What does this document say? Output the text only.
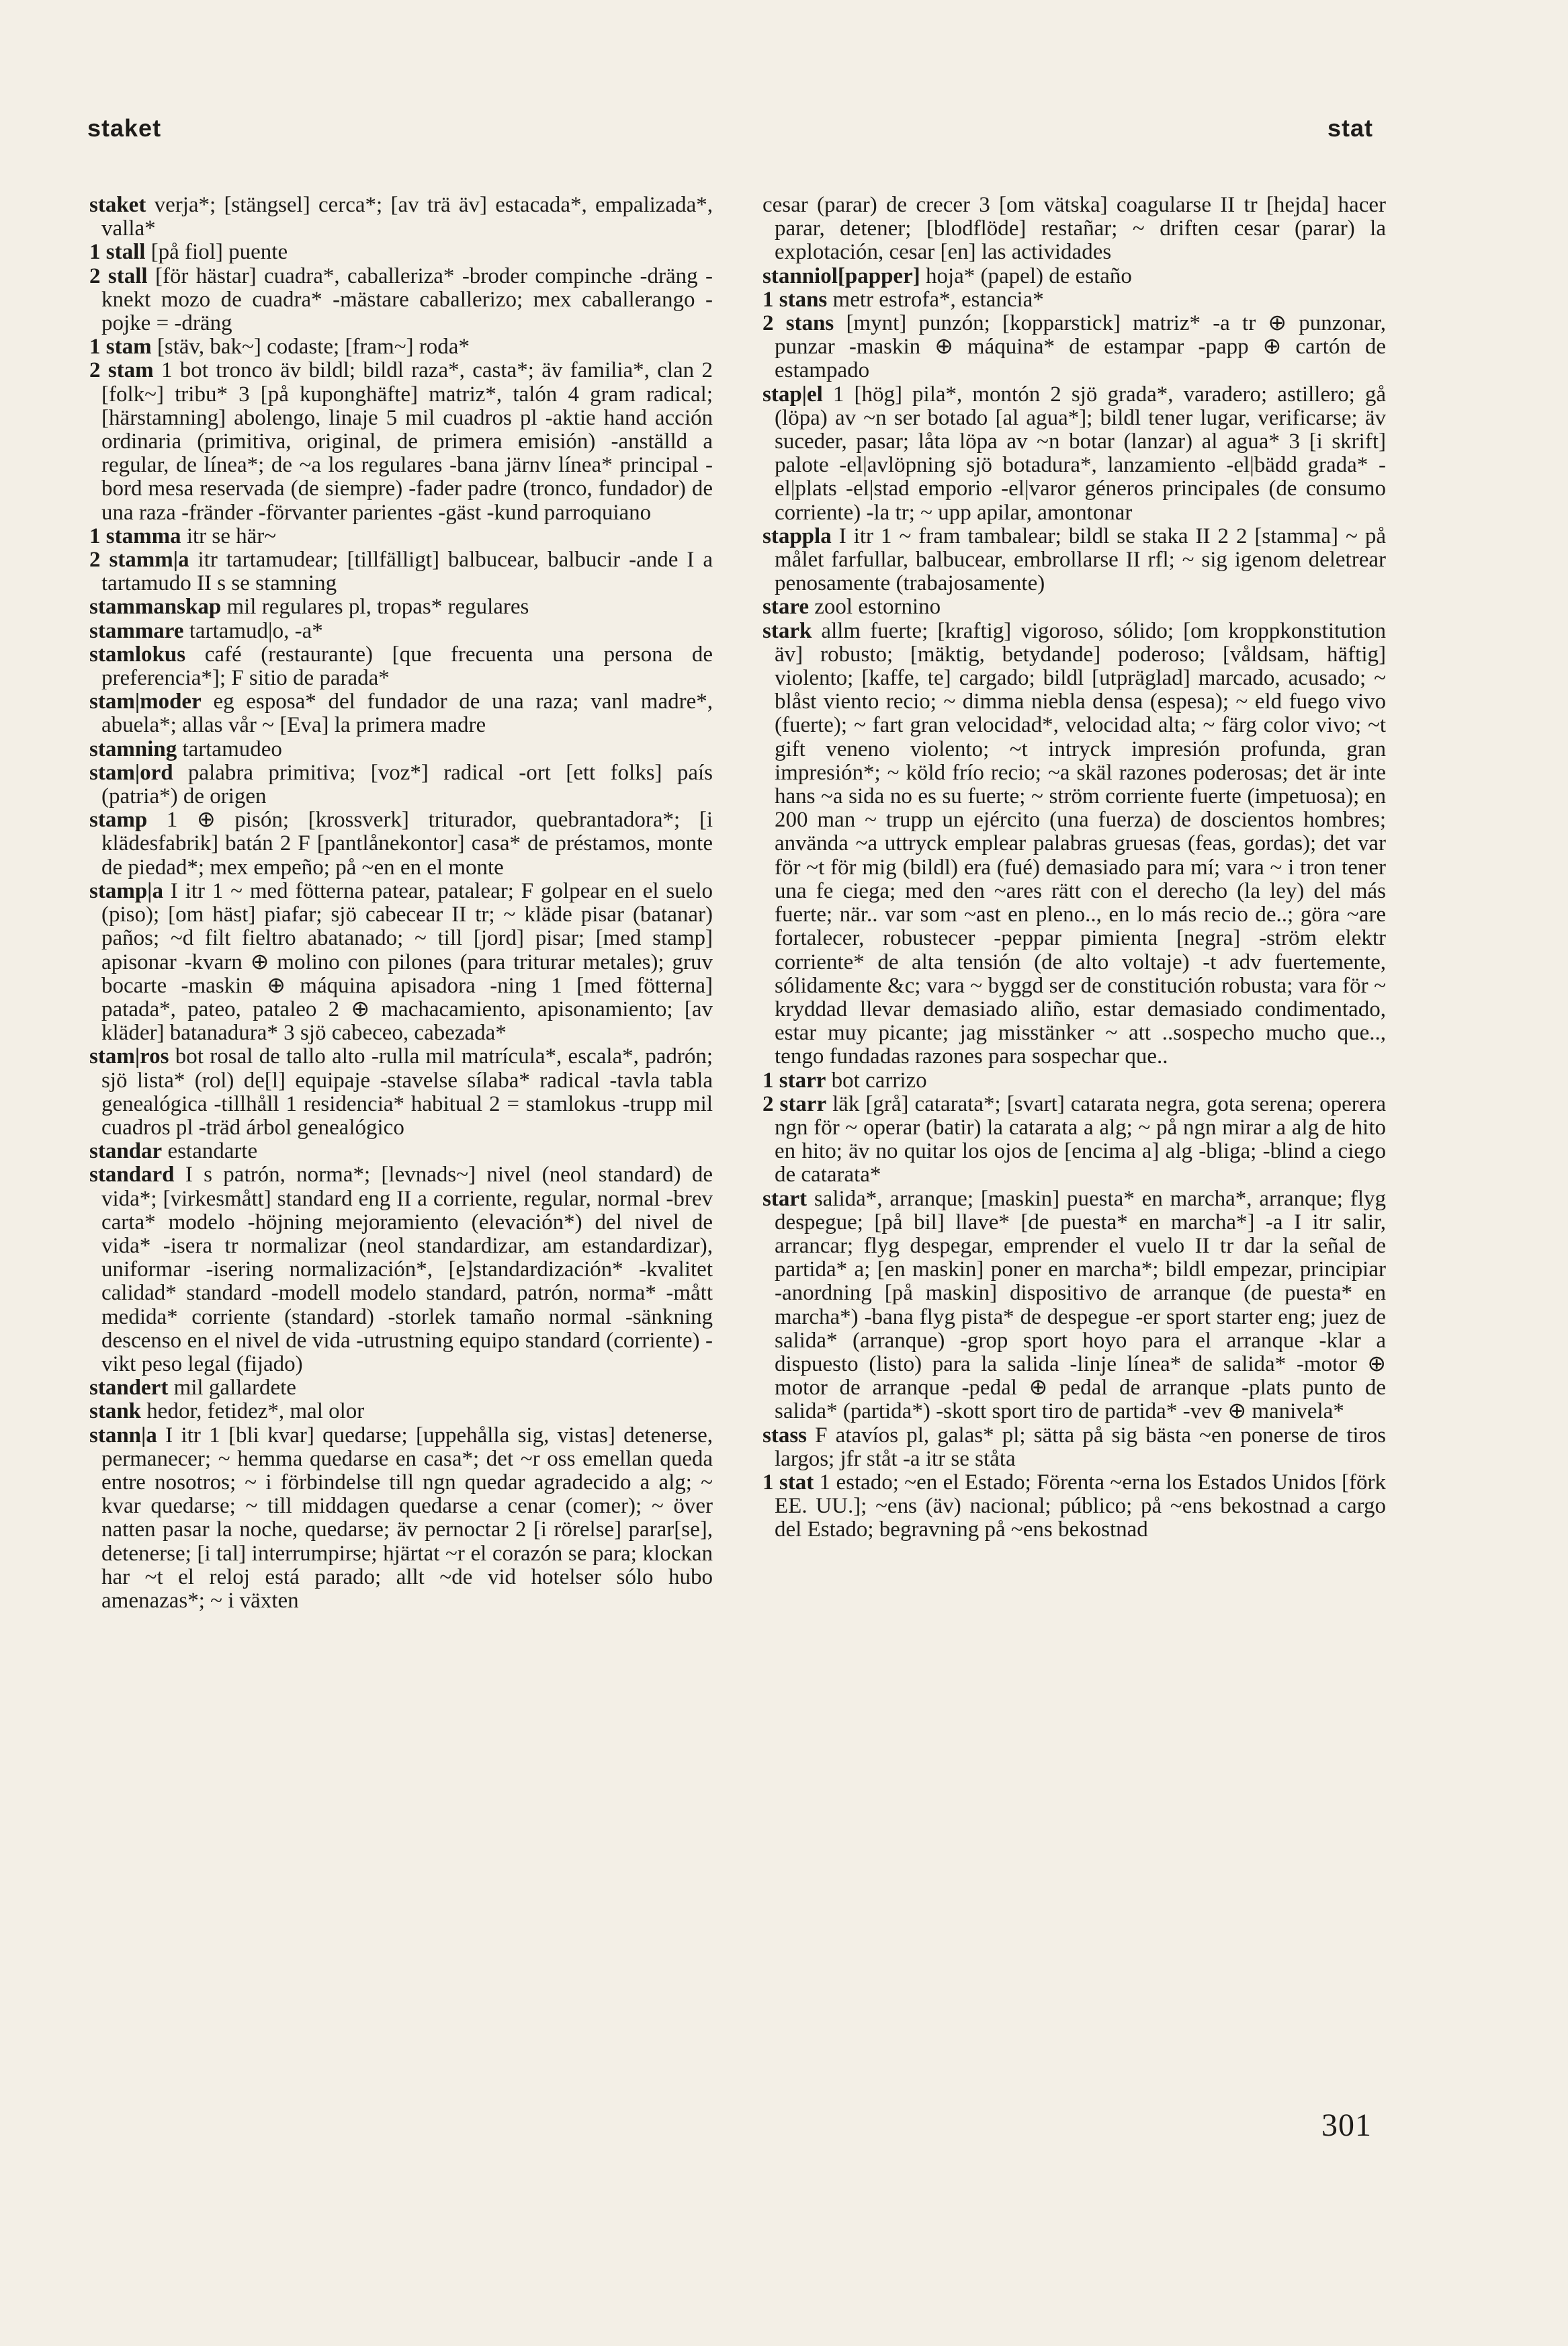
staket	stat

staket verja*; [stängsel] cerca*; [av trä äv] estacada*, empalizada*, valla*

1 stall [på fiol] puente

2 stall [för hästar] cuadra*, caballeriza* -broder compinche -dräng -knekt mozo de cuadra* -mästare caballerizo; mex caballerango -pojke = -dräng

1 stam [stäv, bak~] codaste; [fram~] roda*

2 stam 1 bot tronco äv bildl; bildl raza*, casta*; äv familia*, clan 2 [folk~] tribu* 3 [på kuponghäfte] matriz*, talón 4 gram radical; [härstamning] abolengo, linaje 5 mil cuadros pl -aktie hand acción ordinaria (primitiva, original, de primera emisión) -anställd a regular, de línea*; de ~a los regulares -bana järnv línea* principal -bord mesa reservada (de siempre) -fader padre (tronco, fundador) de una raza -fränder -förvanter parientes -gäst -kund parroquiano

1 stamma itr se här~

2 stamm|a itr tartamudear; [tillfälligt] balbucear, balbucir -ande I a tartamudo II s se stamning

stammanskap mil regulares pl, tropas* regulares

stammare tartamud|o, -a*

stamlokus café (restaurante) [que frecuenta una persona de preferencia*]; F sitio de parada*

stam|moder eg esposa* del fundador de una raza; vanl madre*, abuela*; allas vår ~ [Eva] la primera madre

stamning tartamudeo

stam|ord palabra primitiva; [voz*] radical -ort [ett folks] país (patria*) de origen

stamp 1 ⊕ pisón; [krossverk] triturador, quebrantadora*; [i klädesfabrik] batán 2 F [pantlånekontor] casa* de préstamos, monte de piedad*; mex empeño; på ~en en el monte

stamp|a I itr 1 ~ med fötterna patear, patalear; F golpear en el suelo (piso); [om häst] piafar; sjö cabecear II tr; ~ kläde pisar (batanar) paños; ~d filt fieltro abatanado; ~ till [jord] pisar; [med stamp] apisonar -kvarn ⊕ molino con pilones (para triturar metales); gruv bocarte -maskin ⊕ máquina apisadora -ning 1 [med fötterna] patada*, pateo, pataleo 2 ⊕ machacamiento, apisonamiento; [av kläder] batanadura* 3 sjö cabeceo, cabezada*

stam|ros bot rosal de tallo alto -rulla mil matrícula*, escala*, padrón; sjö lista* (rol) de[l] equipaje -stavelse sílaba* radical -tavla tabla genealógica -tillhåll 1 residencia* habitual 2 = stamlokus -trupp mil cuadros pl -träd árbol genealógico

standar estandarte

standard I s patrón, norma*; [levnads~] nivel (neol standard) de vida*; [virkesmått] standard eng II a corriente, regular, normal -brev carta* modelo -höjning mejoramiento (elevación*) del nivel de vida* -isera tr normalizar (neol standardizar, am estandardizar), uniformar -isering normalización*, [e]standardización* -kvalitet calidad* standard -modell modelo standard, patrón, norma* -mått medida* corriente (standard) -storlek tamaño normal -sänkning descenso en el nivel de vida -utrustning equipo standard (corriente) -vikt peso legal (fijado)

standert mil gallardete

stank hedor, fetidez*, mal olor

stann|a I itr 1 [bli kvar] quedarse; [uppehålla sig, vistas] detenerse, permanecer; ~ hemma quedarse en casa*; det ~r oss emellan queda entre nosotros; ~ i förbindelse till ngn quedar agradecido a alg; ~ kvar quedarse; ~ till middagen quedarse a cenar (comer); ~ över natten pasar la noche, quedarse; äv pernoctar 2 [i rörelse] parar[se], detenerse; [i tal] interrumpirse; hjärtat ~r el corazón se para; klockan har ~t el reloj está parado; allt ~de vid hotelser sólo hubo amenazas*; ~ i växten

cesar (parar) de crecer 3 [om vätska] coagularse II tr [hejda] hacer parar, detener; [blodflöde] restañar; ~ driften cesar (parar) la explotación, cesar [en] las actividades

stanniol[papper] hoja* (papel) de estaño

1 stans metr estrofa*, estancia*

2 stans [mynt] punzón; [kopparstick] matriz* -a tr ⊕ punzonar, punzar -maskin ⊕ máquina* de estampar -papp ⊕ cartón de estampado

stap|el 1 [hög] pila*, montón 2 sjö grada*, varadero; astillero; gå (löpa) av ~n ser botado [al agua*]; bildl tener lugar, verificarse; äv suceder, pasar; låta löpa av ~n botar (lanzar) al agua* 3 [i skrift] palote -el|avlöpning sjö botadura*, lanzamiento -el|bädd grada* -el|plats -el|stad emporio -el|varor géneros principales (de consumo corriente) -la tr; ~ upp apilar, amontonar

stappla I itr 1 ~ fram tambalear; bildl se staka II 2 2 [stamma] ~ på målet farfullar, balbucear, embrollarse II rfl; ~ sig igenom deletrear penosamente (trabajosamente)

stare zool estornino

stark allm fuerte; [kraftig] vigoroso, sólido; [om kroppkonstitution äv] robusto; [mäktig, betydande] poderoso; [våldsam, häftig] violento; [kaffe, te] cargado; bildl [utpräglad] marcado, acusado; ~ blåst viento recio; ~ dimma niebla densa (espesa); ~ eld fuego vivo (fuerte); ~ fart gran velocidad*, velocidad alta; ~ färg color vivo; ~t gift veneno violento; ~t intryck impresión profunda, gran impresión*; ~ köld frío recio; ~a skäl razones poderosas; det är inte hans ~a sida no es su fuerte; ~ ström corriente fuerte (impetuosa); en 200 man ~ trupp un ejército (una fuerza) de doscientos hombres; använda ~a uttryck emplear palabras gruesas (feas, gordas); det var för ~t för mig (bildl) era (fué) demasiado para mí; vara ~ i tron tener una fe ciega; med den ~ares rätt con el derecho (la ley) del más fuerte; när.. var som ~ast en pleno.., en lo más recio de..; göra ~are fortalecer, robustecer -peppar pimienta [negra] -ström elektr corriente* de alta tensión (de alto voltaje) -t adv fuertemente, sólidamente &c; vara ~ byggd ser de constitución robusta; vara för ~ kryddad llevar demasiado aliño, estar demasiado condimentado, estar muy picante; jag misstänker ~ att ..sospecho mucho que.., tengo fundadas razones para sospechar que..

1 starr bot carrizo

2 starr läk [grå] catarata*; [svart] catarata negra, gota serena; operera ngn för ~ operar (batir) la catarata a alg; ~ på ngn mirar a alg de hito en hito; äv no quitar los ojos de [encima a] alg -bliga; -blind a ciego de catarata*

start salida*, arranque; [maskin] puesta* en marcha*, arranque; flyg despegue; [på bil] llave* [de puesta* en marcha*] -a I itr salir, arrancar; flyg despegar, emprender el vuelo II tr dar la señal de partida* a; [en maskin] poner en marcha*; bildl empezar, principiar -anordning [på maskin] dispositivo de arranque (de puesta* en marcha*) -bana flyg pista* de despegue -er sport starter eng; juez de salida* (arranque) -grop sport hoyo para el arranque -klar a dispuesto (listo) para la salida -linje línea* de salida* -motor ⊕ motor de arranque -pedal ⊕ pedal de arranque -plats punto de salida* (partida*) -skott sport tiro de partida* -vev ⊕ manivela*

stass F atavíos pl, galas* pl; sätta på sig bästa ~en ponerse de tiros largos; jfr ståt -a itr se ståta

1 stat 1 estado; ~en el Estado; Förenta ~erna los Estados Unidos [förk EE. UU.]; ~ens (äv) nacional; público; på ~ens bekostnad a cargo del Estado; begravning på ~ens bekostnad

301
